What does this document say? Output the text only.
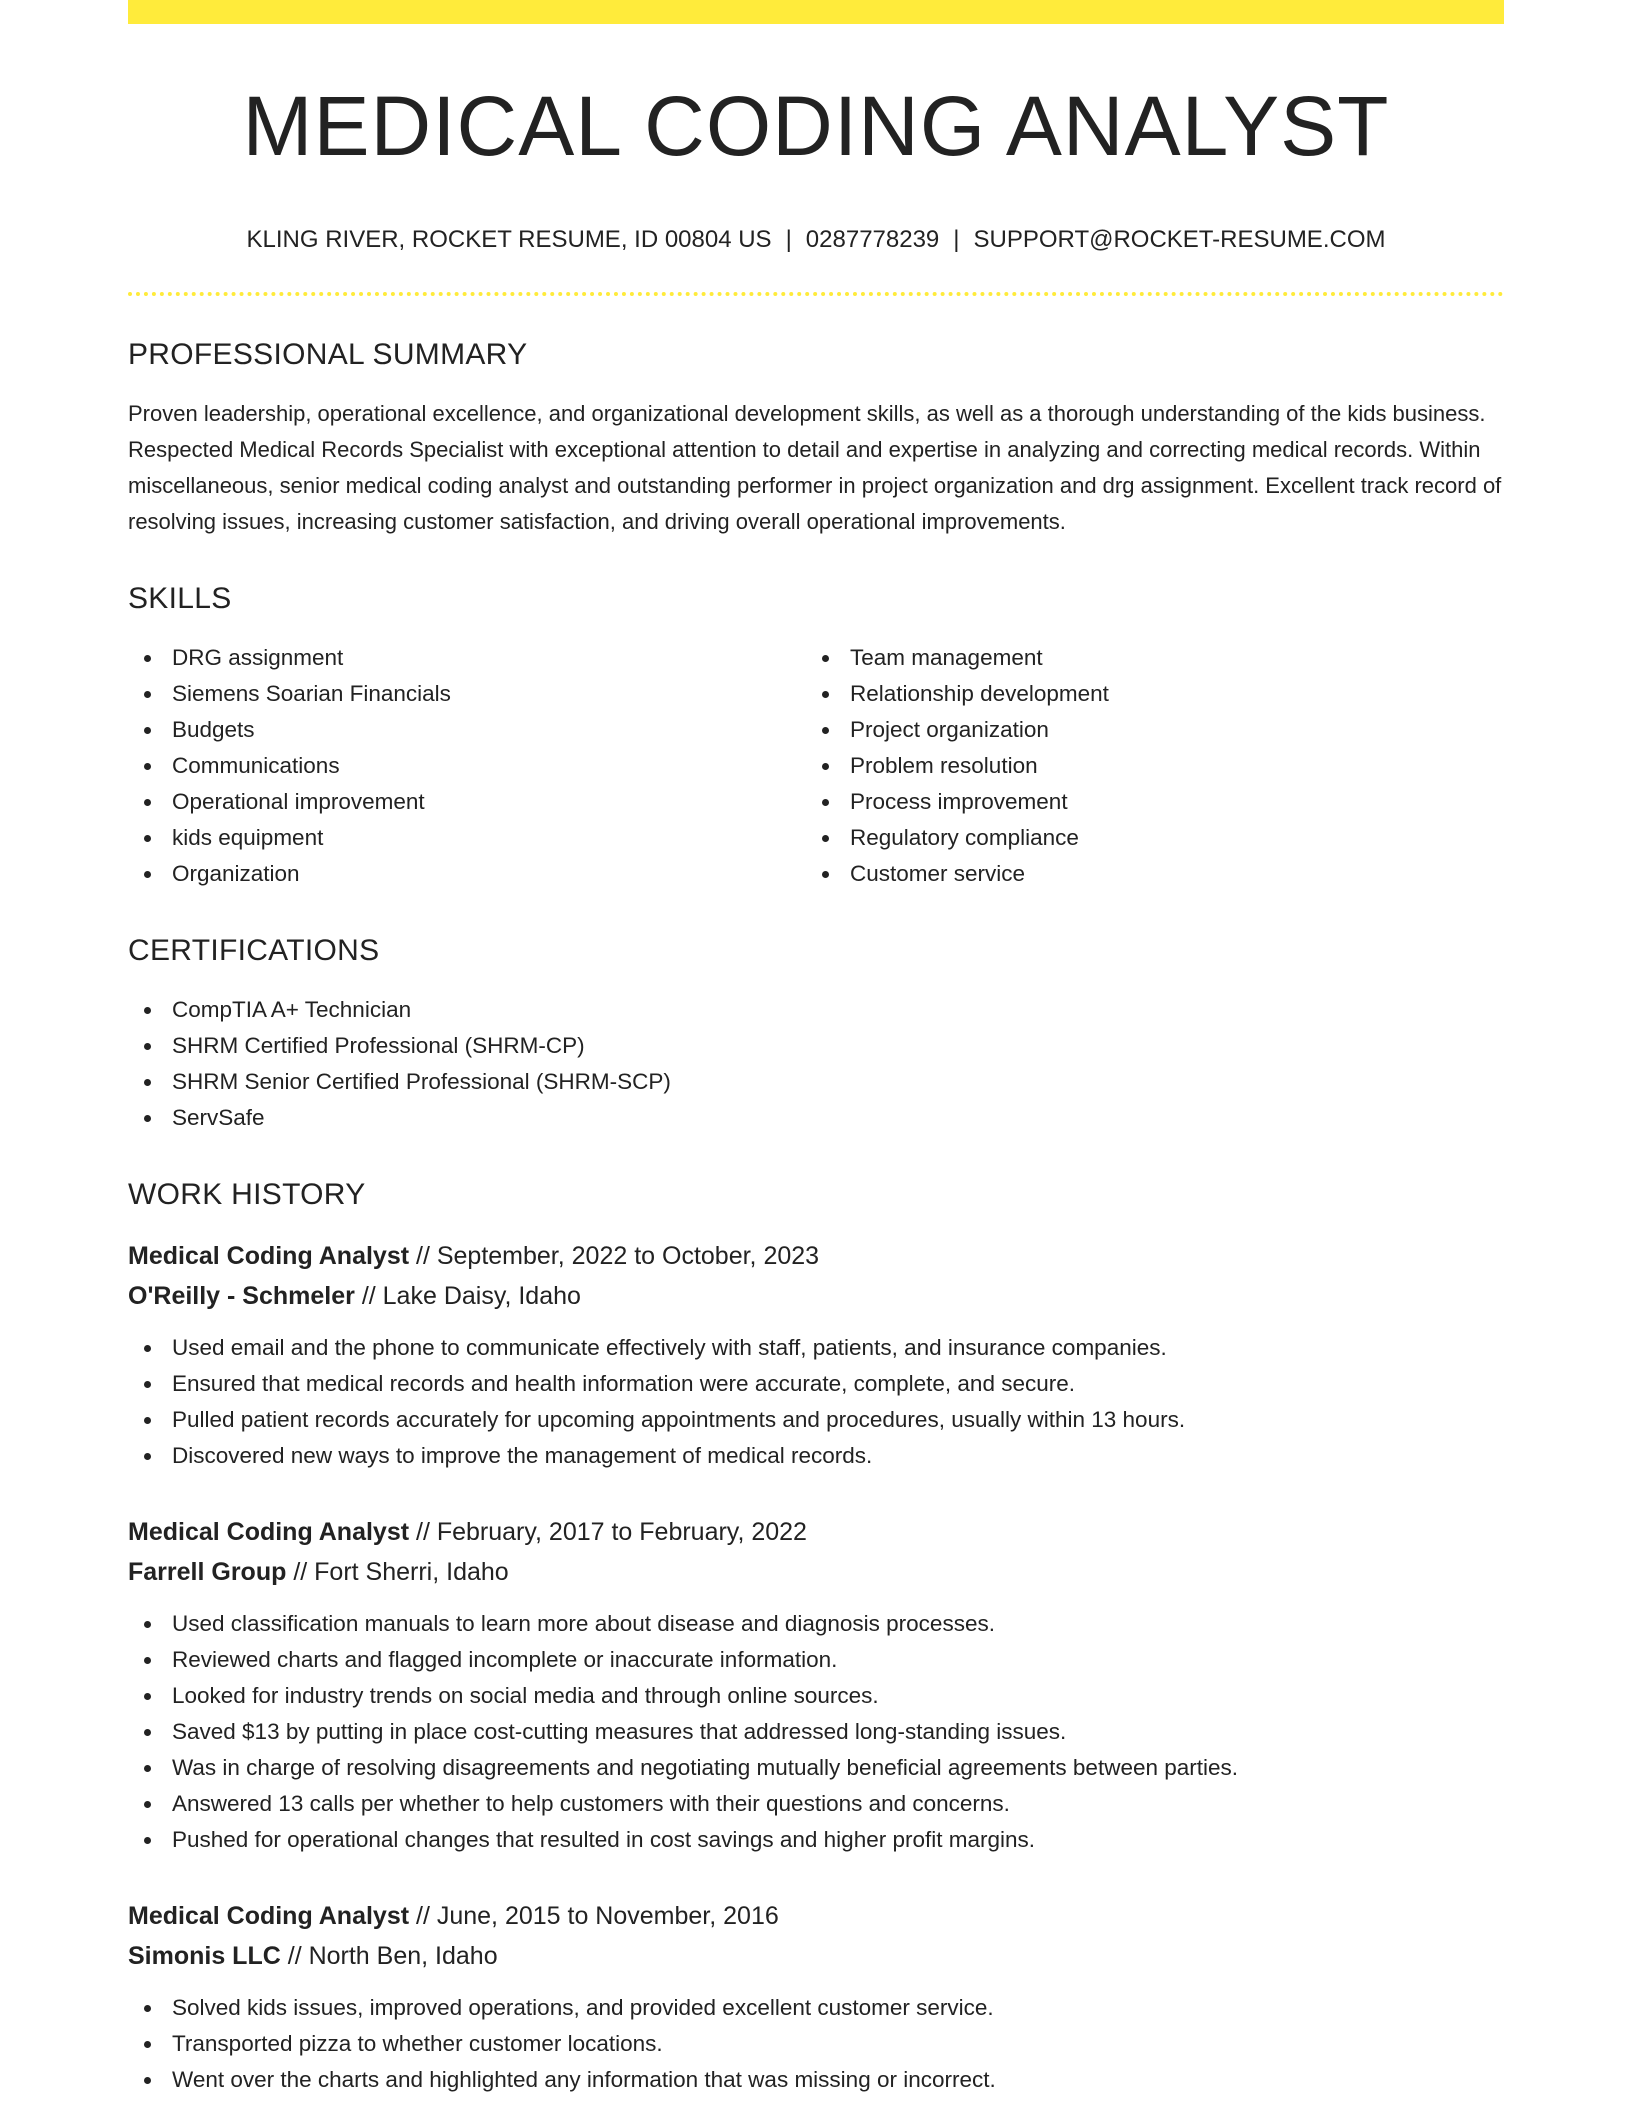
MEDICAL CODING ANALYST
KLING RIVER, ROCKET RESUME, ID 00804 US | 0287778239 | SUPPORT@ROCKET-RESUME.COM
PROFESSIONAL SUMMARY
Proven leadership, operational excellence, and organizational development skills, as well as a thorough understanding of the kids business. Respected Medical Records Specialist with exceptional attention to detail and expertise in analyzing and correcting medical records. Within miscellaneous, senior medical coding analyst and outstanding performer in project organization and drg assignment. Excellent track record of resolving issues, increasing customer satisfaction, and driving overall operational improvements.
SKILLS
DRG assignment
Siemens Soarian Financials
Budgets
Communications
Operational improvement
kids equipment
Organization
Team management
Relationship development
Project organization
Problem resolution
Process improvement
Regulatory compliance
Customer service
CERTIFICATIONS
CompTIA A+ Technician
SHRM Certified Professional (SHRM-CP)
SHRM Senior Certified Professional (SHRM-SCP)
ServSafe
WORK HISTORY
Medical Coding Analyst // September, 2022 to October, 2023
O'Reilly - Schmeler // Lake Daisy, Idaho
Used email and the phone to communicate effectively with staff, patients, and insurance companies.
Ensured that medical records and health information were accurate, complete, and secure.
Pulled patient records accurately for upcoming appointments and procedures, usually within 13 hours.
Discovered new ways to improve the management of medical records.
Medical Coding Analyst // February, 2017 to February, 2022
Farrell Group // Fort Sherri, Idaho
Used classification manuals to learn more about disease and diagnosis processes.
Reviewed charts and flagged incomplete or inaccurate information.
Looked for industry trends on social media and through online sources.
Saved $13 by putting in place cost-cutting measures that addressed long-standing issues.
Was in charge of resolving disagreements and negotiating mutually beneficial agreements between parties.
Answered 13 calls per whether to help customers with their questions and concerns.
Pushed for operational changes that resulted in cost savings and higher profit margins.
Medical Coding Analyst // June, 2015 to November, 2016
Simonis LLC // North Ben, Idaho
Solved kids issues, improved operations, and provided excellent customer service.
Transported pizza to whether customer locations.
Went over the charts and highlighted any information that was missing or incorrect.
